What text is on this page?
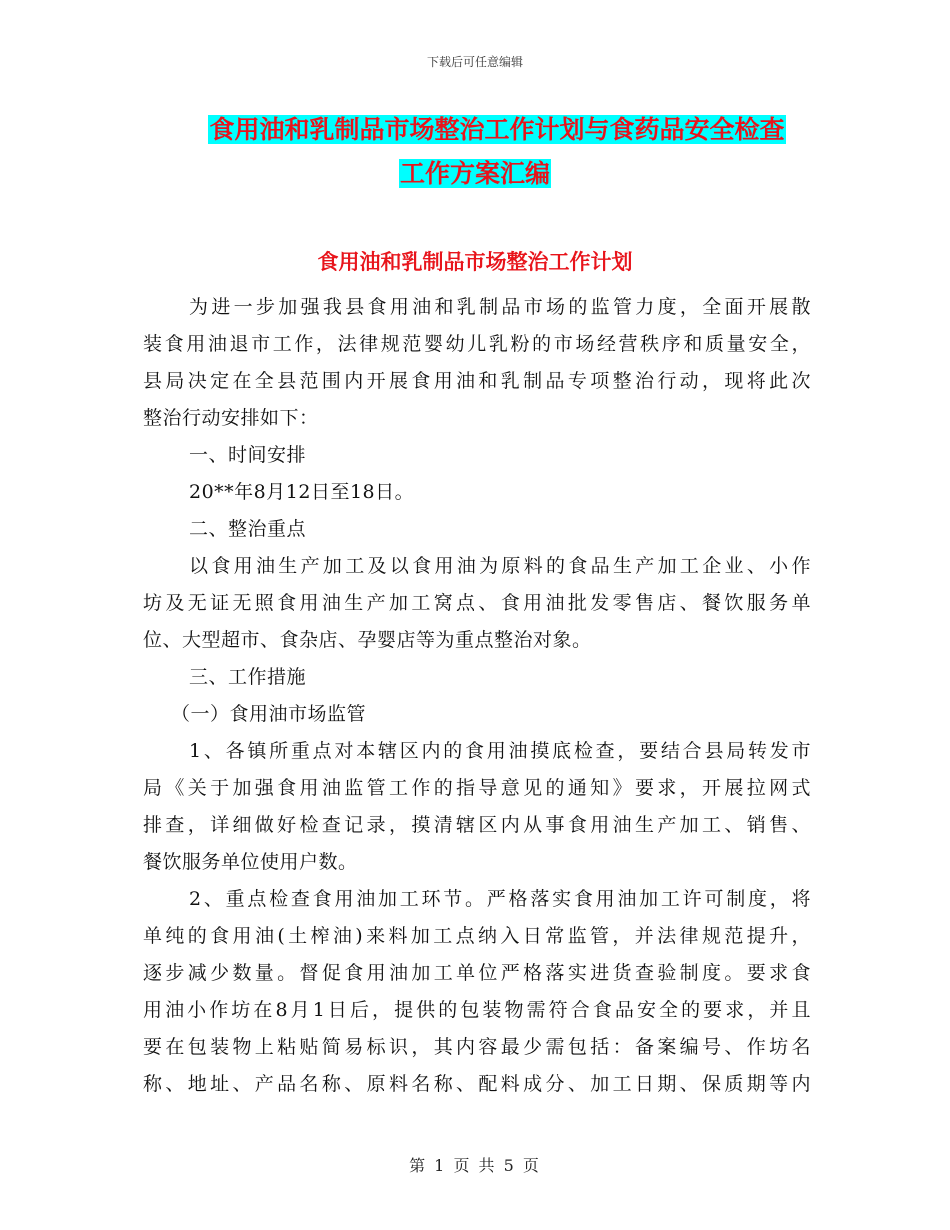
下载后可任意编辑
食用油和乳制品市场整治工作计划与食药品安全检查
工作方案汇编
食用油和乳制品市场整治工作计划
为进一步加强我县食用油和乳制品市场的监管力度，全面开展散
装食用油退市工作，法律规范婴幼儿乳粉的市场经营秩序和质量安全，
县局决定在全县范围内开展食用油和乳制品专项整治行动，现将此次
整治行动安排如下：
一、时间安排
20**年8月12日至18日。
二、整治重点
以食用油生产加工及以食用油为原料的食品生产加工企业、小作
坊及无证无照食用油生产加工窝点、食用油批发零售店、餐饮服务单
位、大型超市、食杂店、孕婴店等为重点整治对象。
三、工作措施
（一）食用油市场监管
1、各镇所重点对本辖区内的食用油摸底检查，要结合县局转发市
局《关于加强食用油监管工作的指导意见的通知》要求，开展拉网式
排查，详细做好检查记录，摸清辖区内从事食用油生产加工、销售、
餐饮服务单位使用户数。
2、重点检查食用油加工环节。严格落实食用油加工许可制度，将
单纯的食用油(土榨油)来料加工点纳入日常监管，并法律规范提升，
逐步减少数量。督促食用油加工单位严格落实进货查验制度。要求食
用油小作坊在8月1日后，提供的包装物需符合食品安全的要求，并且
要在包装物上粘贴简易标识，其内容最少需包括：备案编号、作坊名
称、地址、产品名称、原料名称、配料成分、加工日期、保质期等内
第 1 页 共 5 页
